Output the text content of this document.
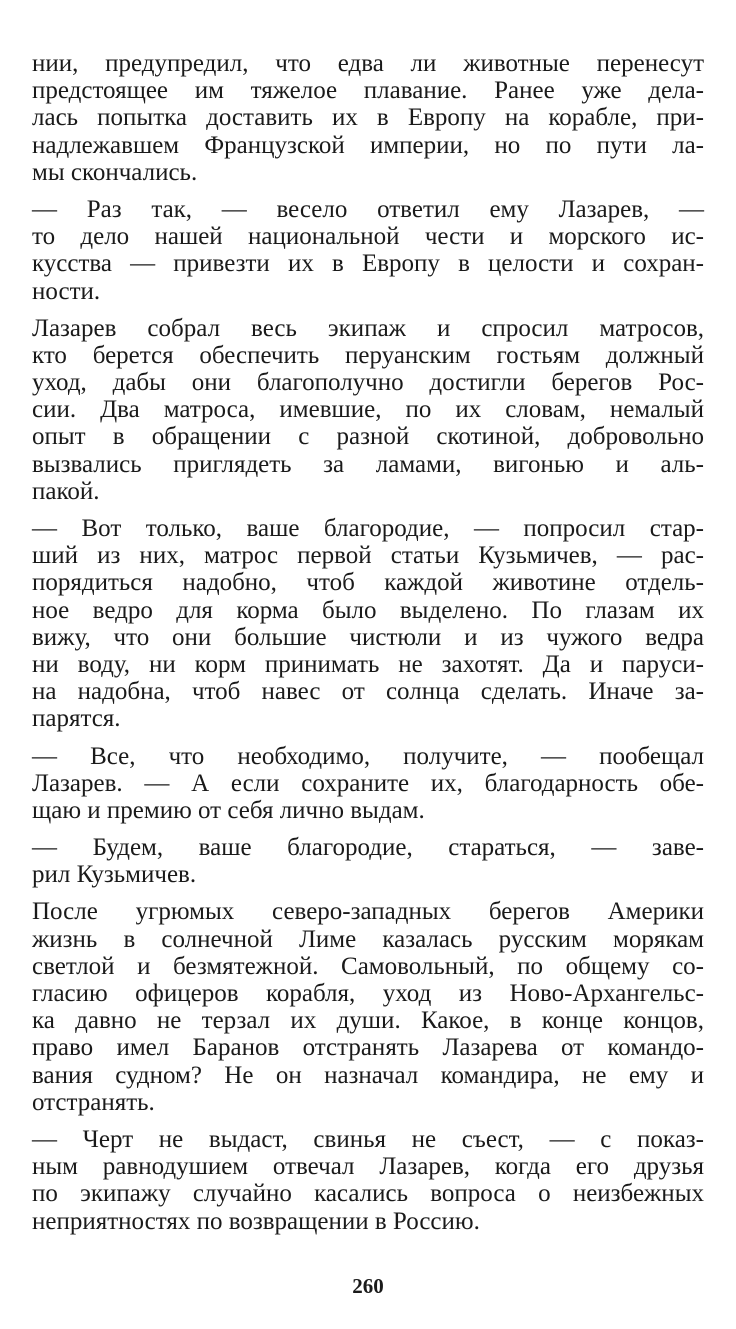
нии, предупредил, что едва ли животные перенесут
предстоящее им тяжелое плавание. Ранее уже дела-
лась попытка доставить их в Европу на корабле, при-
надлежавшем Французской империи, но по пути ла-
мы скончались.
— Раз так, — весело ответил ему Лазарев, —
то дело нашей национальной чести и морского ис-
кусства — привезти их в Европу в целости и сохран-
ности.
Лазарев собрал весь экипаж и спросил матросов,
кто берется обеспечить перуанским гостьям должный
уход, дабы они благополучно достигли берегов Рос-
сии. Два матроса, имевшие, по их словам, немалый
опыт в обращении с разной скотиной, добровольно
вызвались приглядеть за ламами, вигонью и аль-
пакой.
— Вот только, ваше благородие, — попросил стар-
ший из них, матрос первой статьи Кузьмичев, — рас-
порядиться надобно, чтоб каждой животине отдель-
ное ведро для корма было выделено. По глазам их
вижу, что они большие чистюли и из чужого ведра
ни воду, ни корм принимать не захотят. Да и паруси-
на надобна, чтоб навес от солнца сделать. Иначе за-
парятся.
— Все, что необходимо, получите, — пообещал
Лазарев. — А если сохраните их, благодарность обе-
щаю и премию от себя лично выдам.
— Будем, ваше благородие, стараться, — заве-
рил Кузьмичев.
После угрюмых северо-западных берегов Америки
жизнь в солнечной Лиме казалась русским морякам
светлой и безмятежной. Самовольный, по общему со-
гласию офицеров корабля, уход из Ново-Архангельс-
ка давно не терзал их души. Какое, в конце концов,
право имел Баранов отстранять Лазарева от командо-
вания судном? Не он назначал командира, не ему и
отстранять.
— Черт не выдаст, свинья не съест, — с показ-
ным равнодушием отвечал Лазарев, когда его друзья
по экипажу случайно касались вопроса о неизбежных
неприятностях по возвращении в Россию.
260
